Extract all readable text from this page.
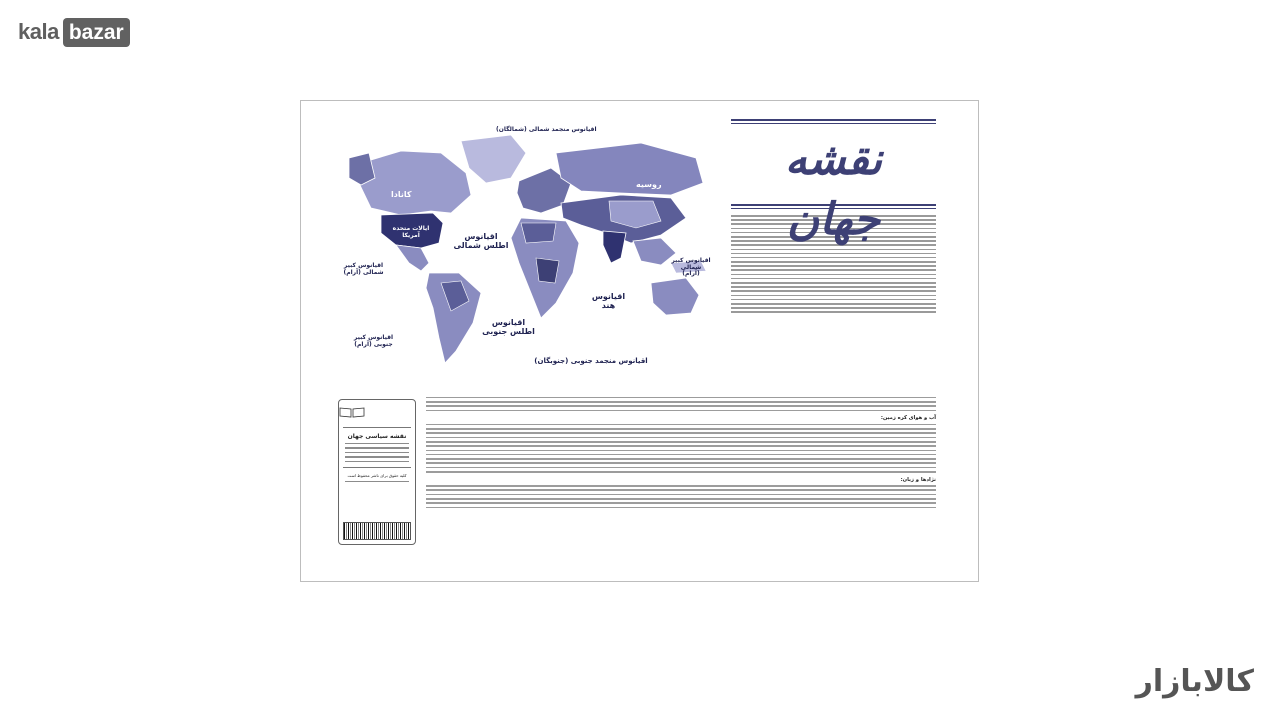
kala bazar
اقیانوس منجمد شمالی (شمالگان)
اقیانوس اطلس شمالی
اقیانوس اطلس جنوبی
اقیانوس هند
اقیانوس کبیر شمالی (آرام)
اقیانوس کبیر شمالی (آرام)
اقیانوس کبیر جنوبی (آرام)
اقیانوس منجمد جنوبی (جنوبگان)
روسیه
کانادا
ایالات متحده آمریکا
نقشه جهان
نقشه سیاسی جهان
کلیه حقوق برای ناشر محفوظ است
آب و هوای کره زمین:
نژادها و زبان:
کالابازار
